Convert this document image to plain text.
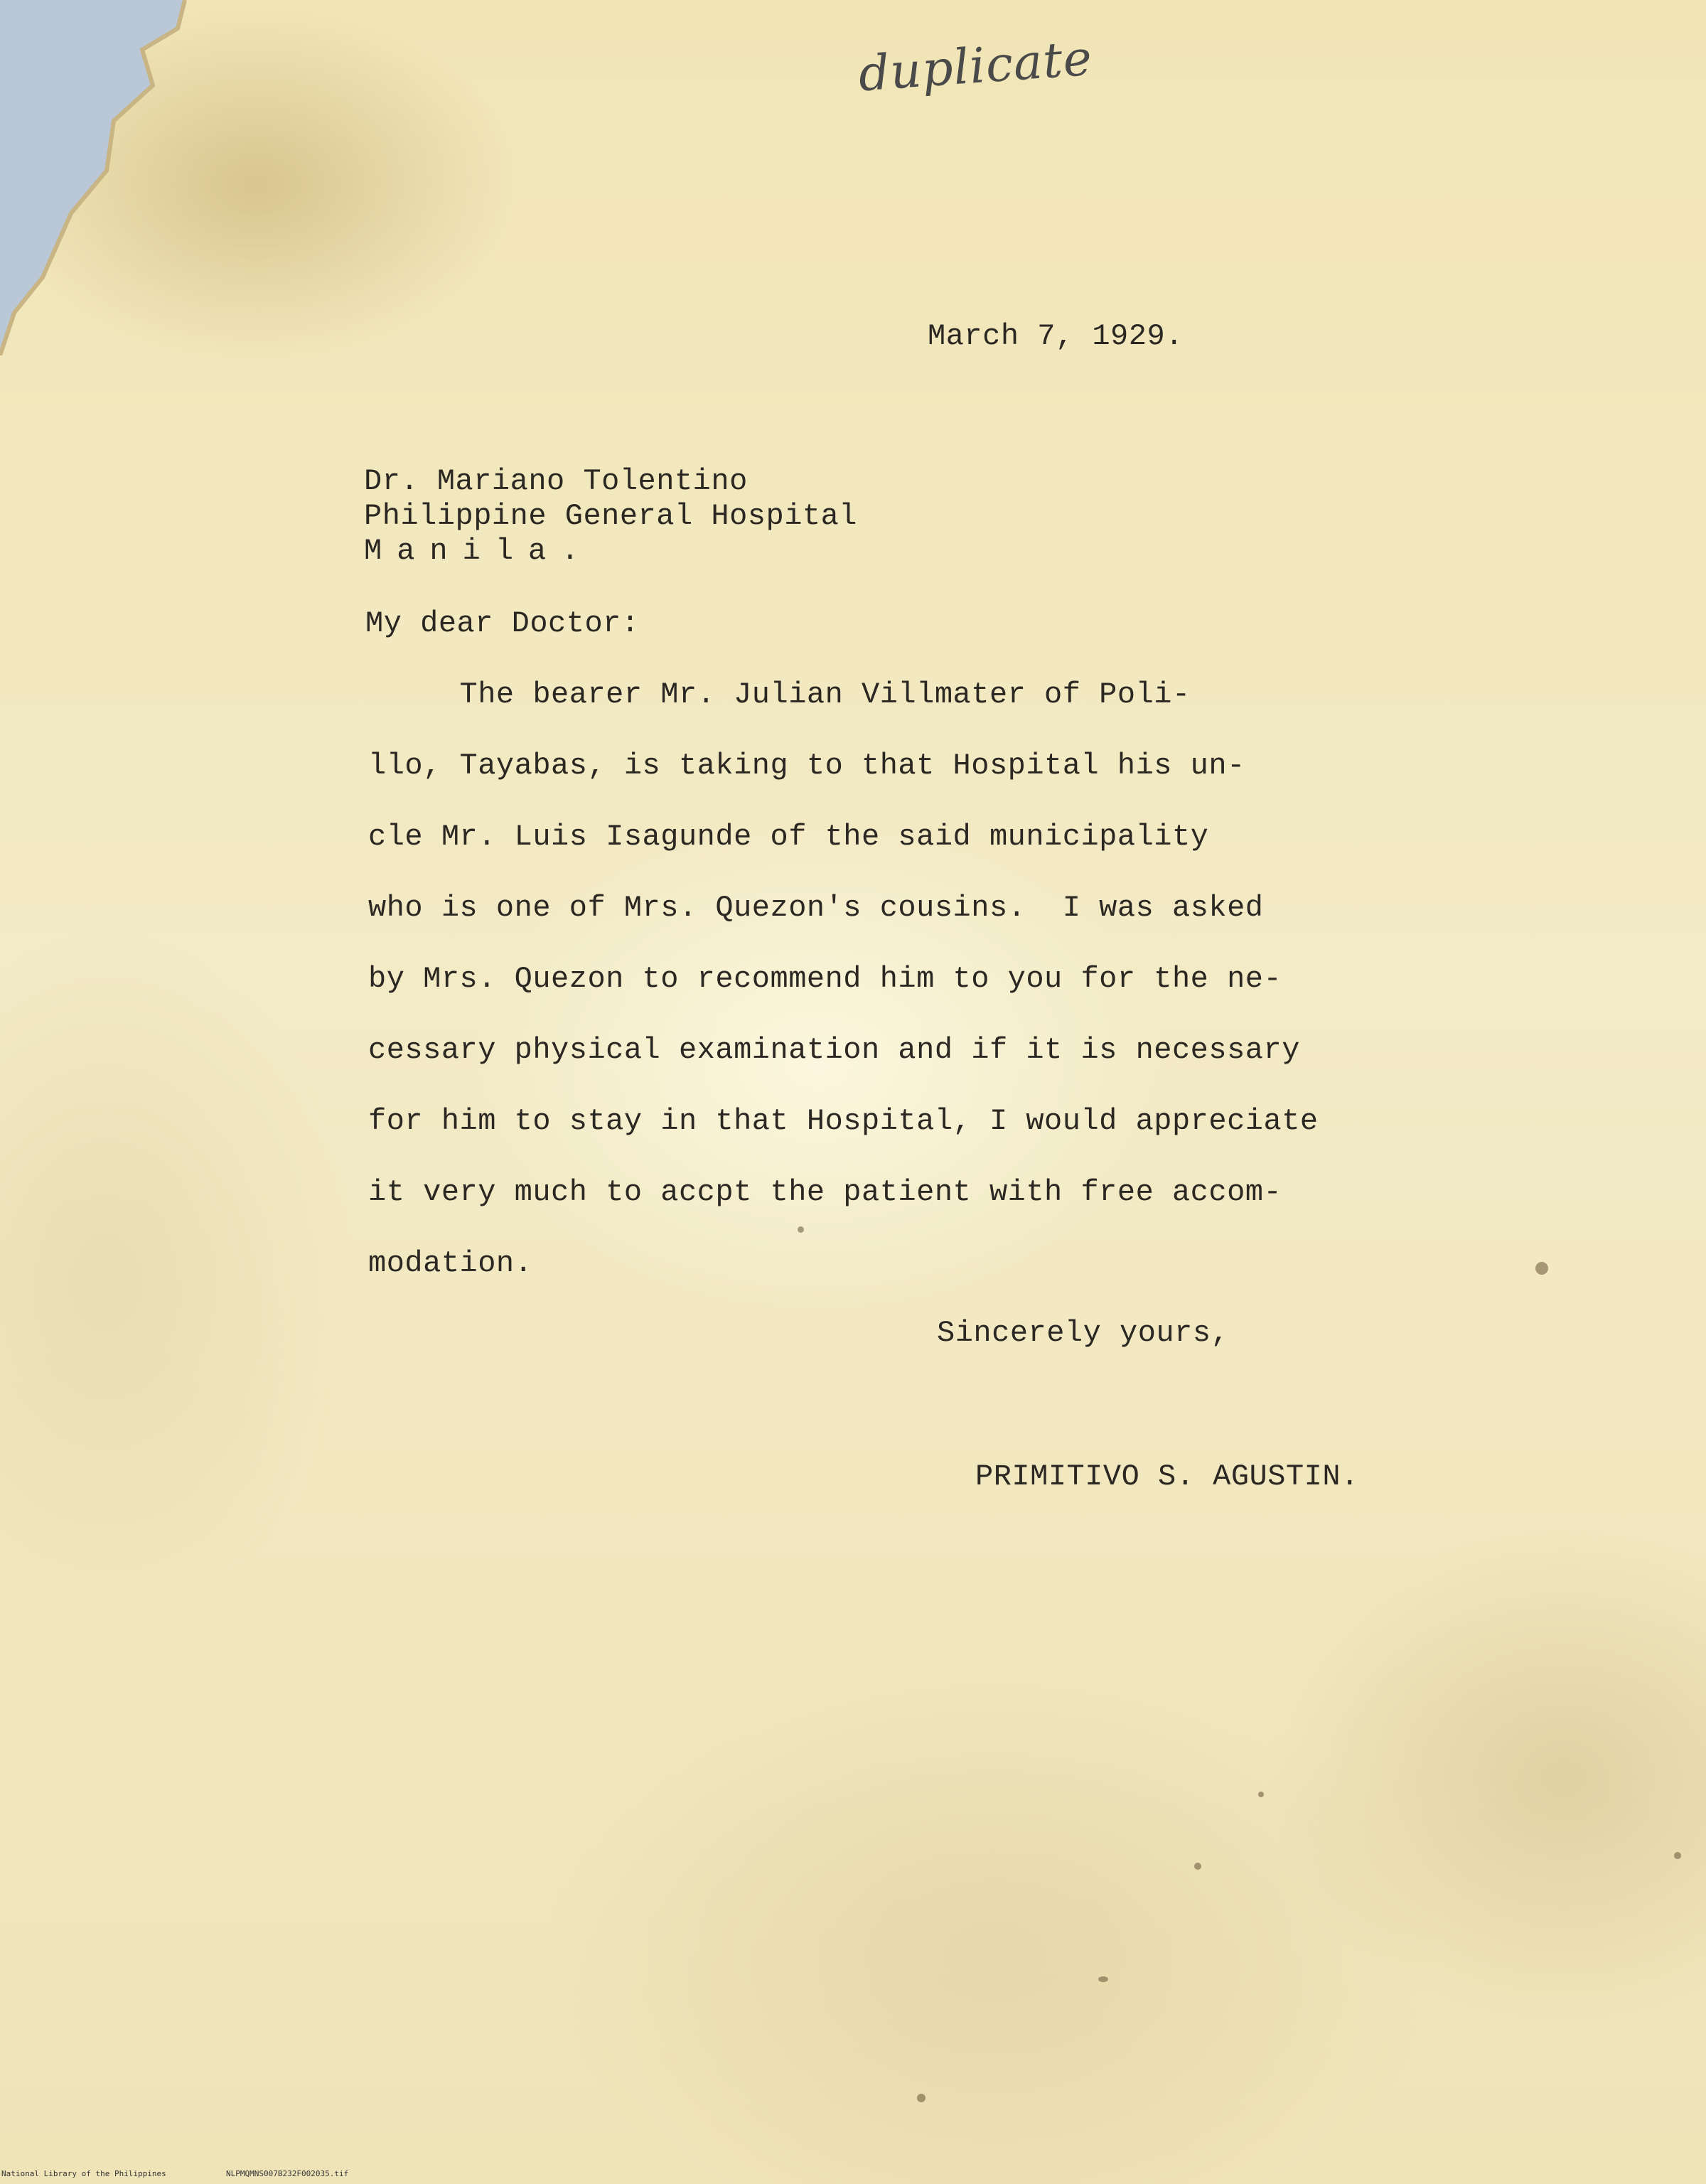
duplicate
March 7, 1929.
Dr. Mariano Tolentino
Philippine General Hospital
Manila.
My dear Doctor:
The bearer Mr. Julian Villmater of Poli-
llo, Tayabas, is taking to that Hospital his un-
cle Mr. Luis Isagunde of the said municipality
who is one of Mrs. Quezon's cousins.  I was asked
by Mrs. Quezon to recommend him to you for the ne-
cessary physical examination and if it is necessary
for him to stay in that Hospital, I would appreciate
it very much to accpt the patient with free accom-
modation.
Sincerely yours,
PRIMITIVO S. AGUSTIN.
National Library of the Philippines	NLPMQMNS007B232F002035.tif
